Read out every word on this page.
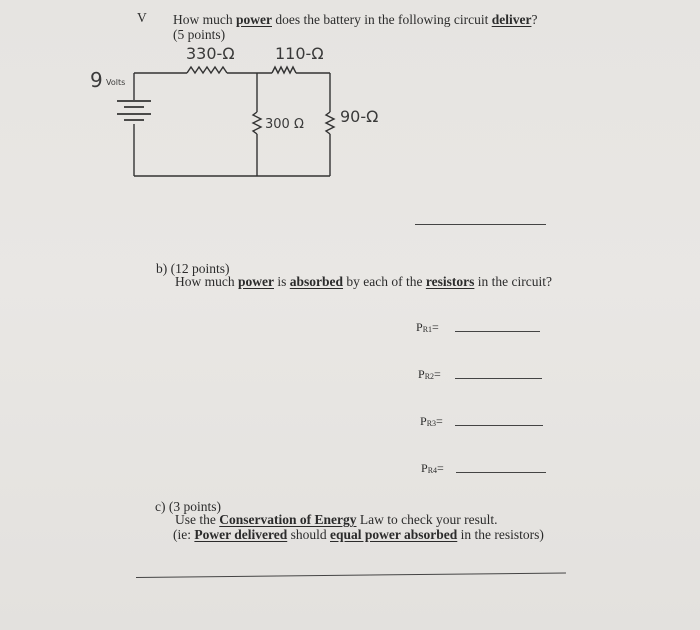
V How much power does the battery in the following circuit deliver?
(5 points)
330-Ω	110-Ω
300 Ω 90-Ω
9 Volts
b) (12 points)
How much power is absorbed by each of the resistors in the circuit?
$P_{R1}=$
$P_{R2}=$
$P_{R3}=$
$P_{R4}=$
c) (3 points)
Use the Conservation of Energy Law to check your result.
(ie: Power delivered should equal power absorbed in the resistors)
